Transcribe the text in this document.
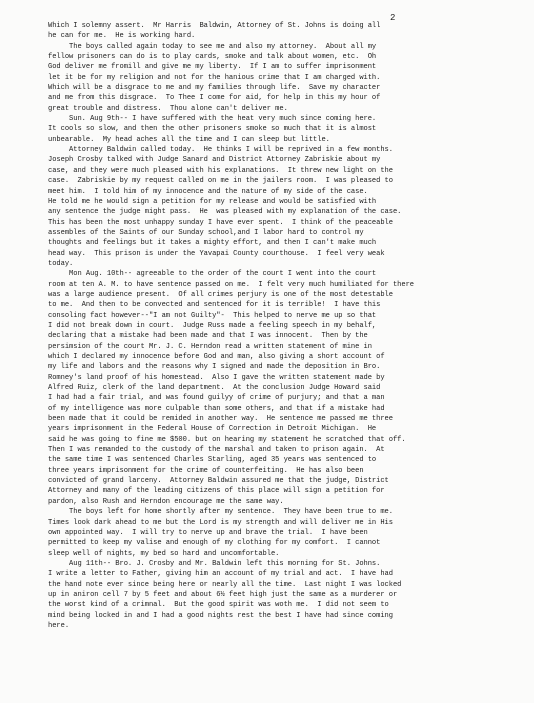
2
Which I solemny assert.  Mr Harris  Baldwin, Attorney of St. Johns is doing all
he can for me.  He is working hard.
The boys called again today to see me and also my attorney.  About all my
fellow prisoners can do is to play cards, smoke and talk about women, etc.  Oh
God deliver me fromill and give me my liberty.  If I am to suffer imprisonment
let it be for my religion and not for the hanious crime that I am charged with.
Which will be a disgrace to me and my families through life.  Save my character
and me from this disgrace.  To Thee I come for aid, for help in this my hour of
great trouble and distress.  Thou alone can't deliver me.
Sun. Aug 9th-- I have suffered with the heat very much since coming here.
It cools so slow, and then the other prisoners smoke so much that it is almost
unbearable.  My head aches all the time and I can sleep but little.
Attorney Baldwin called today.  He thinks I will be reprived in a few months.
Joseph Crosby talked with Judge Sanard and District Attorney Zabriskie about my
case, and they were much pleased with his explanations.  It threw new light on the
case.  Zabriskie by my request called on me in the jailers room.  I was pleased to
meet him.  I told him of my innocence and the nature of my side of the case.
He told me he would sign a petition for my release and would be satisfied with
any sentence the judge might pass.  He  was pleased with my explanation of the case.
This has been the most unhappy sunday I have ever spent.  I think of the peaceable
assembles of the Saints of our Sunday school,and I labor hard to control my
thoughts and feelings but it takes a mighty effort, and then I can't make much
head way.  This prison is under the Yavapai County courthouse.  I feel very weak
today.
Mon Aug. 10th-- agreeable to the order of the court I went into the court
room at ten A. M. to have sentence passed on me.  I felt very much humiliated for there
was a large audience present.  Of all crimes perjury is one of the most detestable
to me.  And then to be convected and sentenced for it is terrible!  I have this
consoling fact however--"I am not Guilty"-  This helped to nerve me up so that
I did not break down in court.  Judge Russ made a feeling speech in my behalf,
declaring that a mistake had been made and that I was innocent.  Then by the
persimsion of the court Mr. J. C. Herndon read a written statement of mine in
which I declared my innocence before God and man, also giving a short account of
my life and labors and the reasons why I signed and made the deposition in Bro.
Romney's land proof of his homestead.  Also I gave the written statement made by
Alfred Ruiz, clerk of the land department.  At the conclusion Judge Howard said
I had had a fair trial, and was found guilyy of crime of purjury; and that a man
of my intelligence was more culpable than some others, and that if a mistake had
been made that it could be remided in another way.  He sentence me passed me three
years imprisonment in the Federal House of Correction in Detroit Michigan.  He
said he was going to fine me $500. but on hearing my statement he scratched that off.
Then I was remanded to the custody of the marshal and taken to prison again.  At
the same time I was sentenced Charles Starling, aged 35 years was sentenced to
three years imprisonment for the crime of counterfeiting.  He has also been
convicted of grand larceny.  Attorney Baldwin assured me that the judge, District
Attorney and many of the leading citizens of this place will sign a petition for
pardon, also Rush and Herndon encourage me the same way.
The boys left for home shortly after my sentence.  They have been true to me.
Times look dark ahead to me but the Lord is my strength and will deliver me in His
own appointed way.  I will try to nerve up and brave the trial.  I have been
permitted to keep my valise and enough of my clothing for my comfort.  I cannot
sleep well of nights, my bed so hard and uncomfortable.
Aug 11th-- Bro. J. Crosby and Mr. Baldwin left this morning for St. Johns.
I write a letter to Father, giving him an account of my trial and act.  I have had
the hand note ever since being here or nearly all the time.  Last night I was locked
up in aniron cell 7 by 5 feet and about 6½ feet high just the same as a murderer or
the worst kind of a crimnal.  But the good spirit was woth me.  I did not seem to
mind being locked in and I had a good nights rest the best I have had since coming
here.
